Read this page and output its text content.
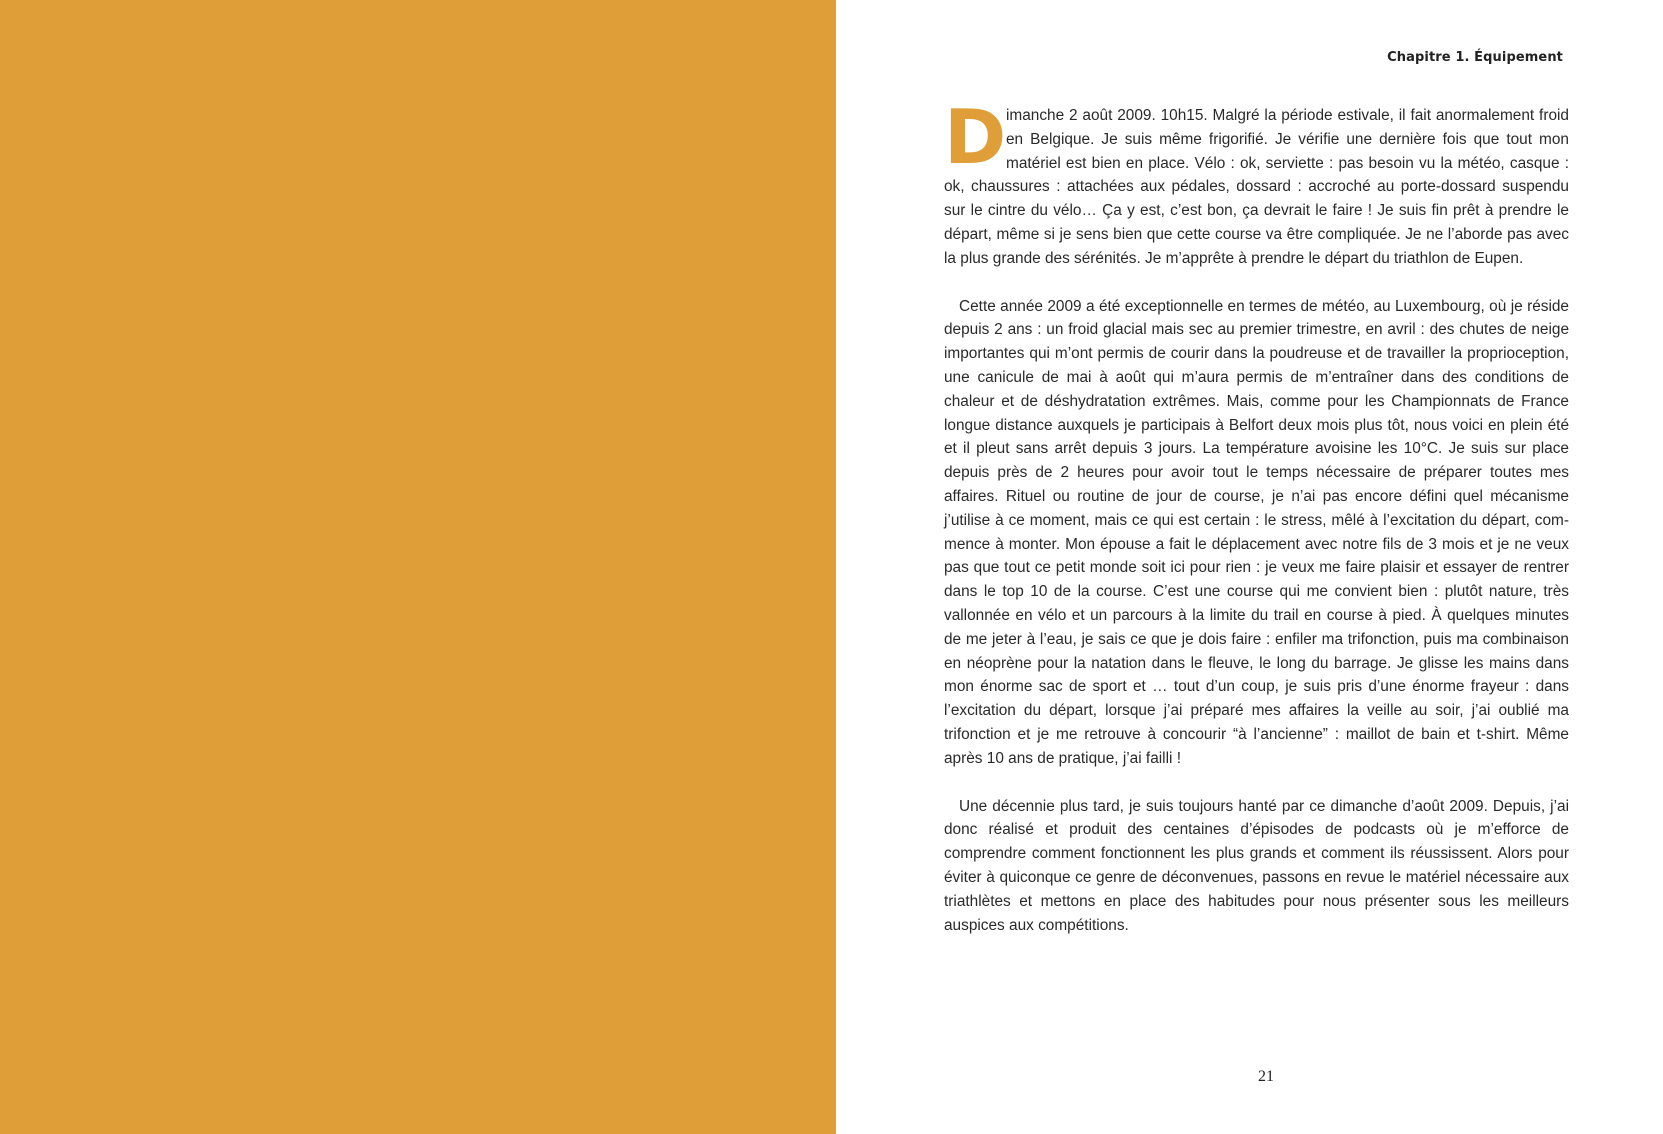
Chapitre 1. Équipement

Dimanche 2 août 2009. 10h15. Malgré la période estivale, il fait anormalement froid en Belgique. Je suis même frigorifié. Je vérifie une dernière fois que tout mon matériel est bien en place. Vélo : ok, serviette : pas besoin vu la météo, casque : ok, chaussures : attachées aux pédales, dossard : accroché au porte-dossard suspendu sur le cintre du vélo… Ça y est, c’est bon, ça devrait le faire ! Je suis fin prêt à prendre le départ, même si je sens bien que cette course va être compliquée. Je ne l’aborde pas avec la plus grande des sérénités. Je m’apprête à prendre le départ du triathlon de Eupen.

Cette année 2009 a été exceptionnelle en termes de météo, au Luxembourg, où je réside depuis 2 ans : un froid glacial mais sec au premier trimestre, en avril : des chutes de neige importantes qui m’ont permis de courir dans la poudreuse et de travailler la proprioception, une canicule de mai à août qui m’aura permis de m’entraîner dans des conditions de chaleur et de déshydratation extrêmes. Mais, comme pour les Championnats de France longue distance auxquels je participais à Belfort deux mois plus tôt, nous voici en plein été et il pleut sans arrêt depuis 3 jours. La température avoisine les 10°C. Je suis sur place depuis près de 2 heures pour avoir tout le temps nécessaire de préparer toutes mes affaires. Rituel ou routine de jour de course, je n’ai pas encore défini quel mécanisme j’utilise à ce moment, mais ce qui est certain : le stress, mêlé à l’excitation du départ, commence à monter. Mon épouse a fait le déplacement avec notre fils de 3 mois et je ne veux pas que tout ce petit monde soit ici pour rien : je veux me faire plaisir et essayer de rentrer dans le top 10 de la course. C’est une course qui me convient bien : plutôt nature, très vallonnée en vélo et un parcours à la limite du trail en course à pied. À quelques minutes de me jeter à l’eau, je sais ce que je dois faire : enfiler ma trifonction, puis ma combinaison en néoprène pour la natation dans le fleuve, le long du barrage. Je glisse les mains dans mon énorme sac de sport et … tout d’un coup, je suis pris d’une énorme frayeur : dans l’excitation du départ, lorsque j’ai préparé mes affaires la veille au soir, j’ai oublié ma trifonction et je me retrouve à concourir “à l’ancienne” : maillot de bain et t-shirt. Même après 10 ans de pratique, j’ai failli !

Une décennie plus tard, je suis toujours hanté par ce dimanche d’août 2009. Depuis, j’ai donc réalisé et produit des centaines d’épisodes de podcasts où je m’efforce de comprendre comment fonctionnent les plus grands et comment ils réussissent. Alors pour éviter à quiconque ce genre de déconvenues, passons en revue le matériel nécessaire aux triathlètes et mettons en place des habitudes pour nous présenter sous les meilleurs auspices aux compétitions.

21
